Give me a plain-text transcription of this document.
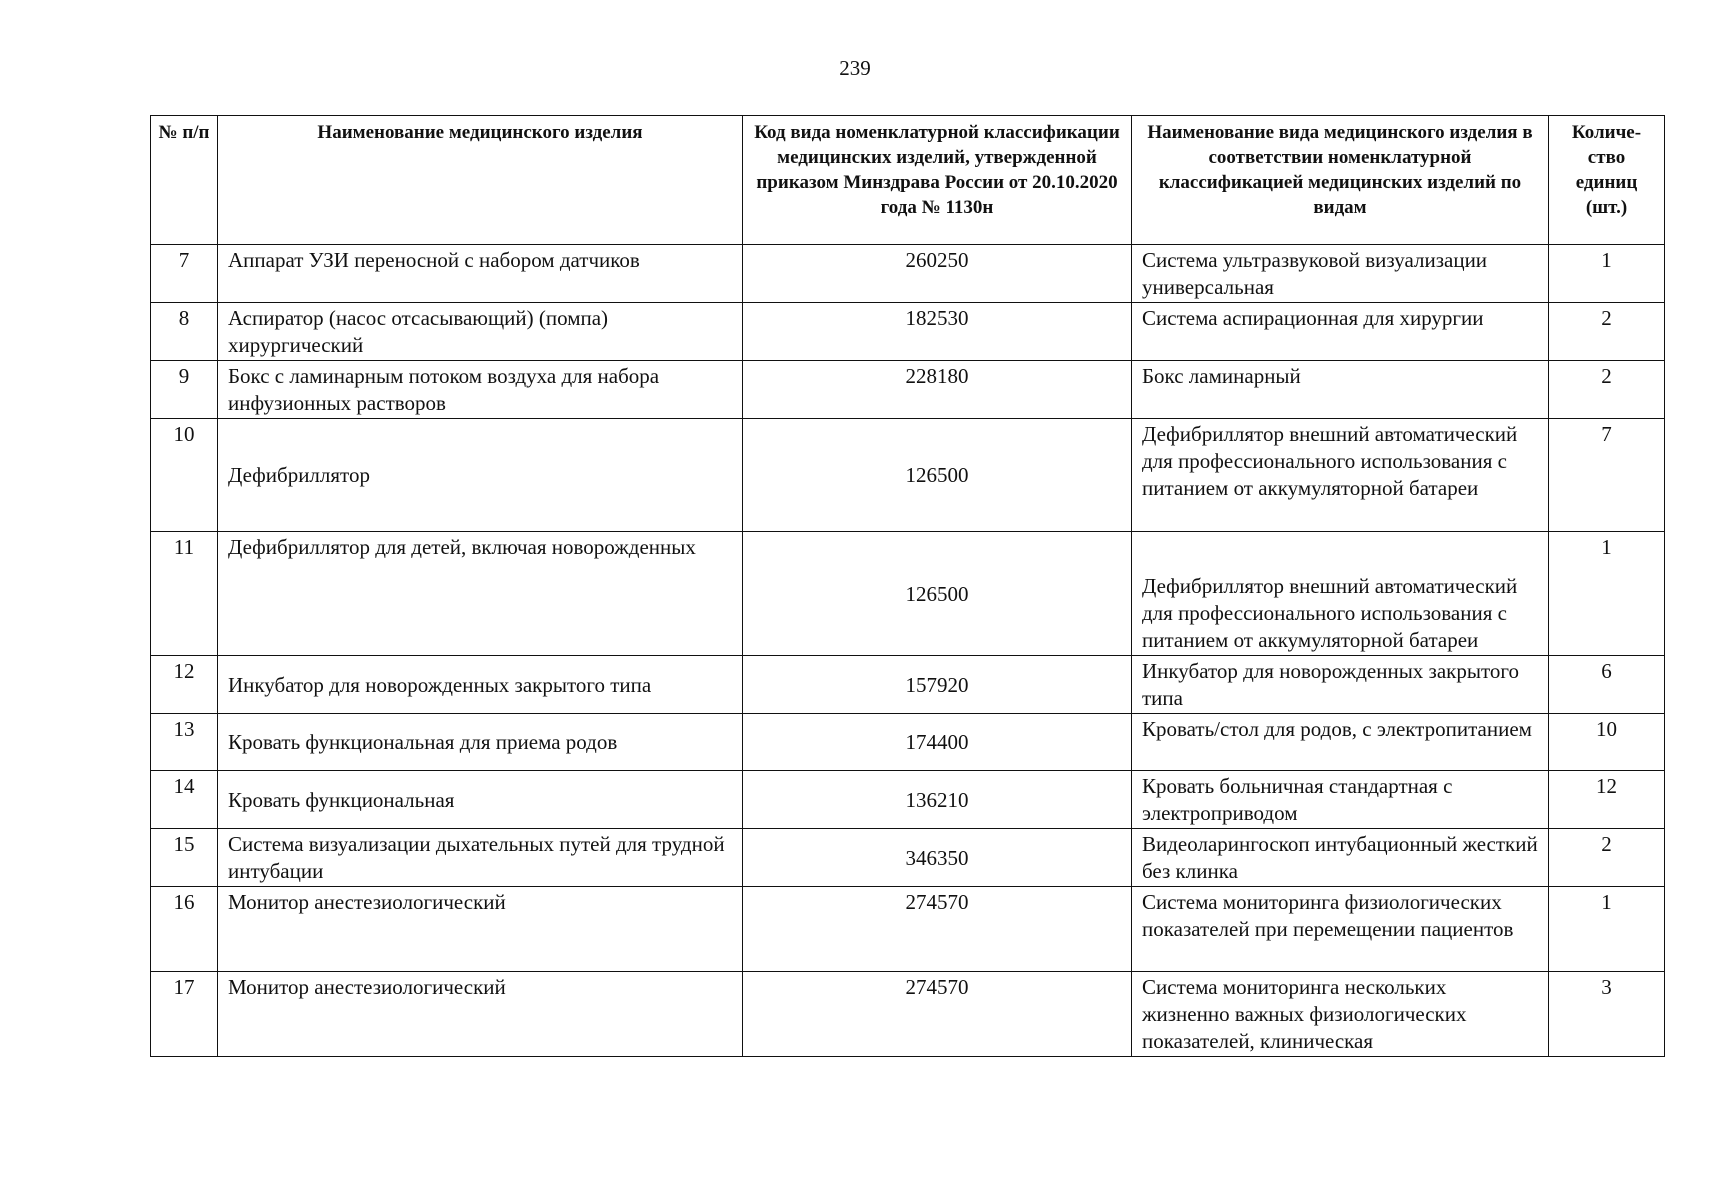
239
№ п/п	Наименование медицинского изделия	Код вида номенклатурной классификации медицинских изделий, утвержденной приказом Минздрава России от 20.10.2020 года № 1130н	Наименование вида медицинского изделия в соответствии номенклатурной классификацией медицинских изделий по видам	Количе-ство единиц (шт.)
7	Аппарат УЗИ переносной с набором датчиков	260250	Система ультразвуковой визуализации универсальная	1
8	Аспиратор (насос отсасывающий) (помпа) хирургический	182530	Система аспирационная для хирургии	2
9	Бокс с ламинарным потоком воздуха для набора инфузионных растворов	228180	Бокс ламинарный	2
10	Дефибриллятор	126500	Дефибриллятор внешний автоматический для профессионального использования с питанием от аккумуляторной батареи	7
11	Дефибриллятор для детей, включая новорожденных	126500	Дефибриллятор внешний автоматический для профессионального использования с питанием от аккумуляторной батареи	1
12	Инкубатор для новорожденных закрытого типа	157920	Инкубатор для новорожденных закрытого типа	6
13	Кровать функциональная для приема родов	174400	Кровать/стол для родов, с электропитанием	10
14	Кровать функциональная	136210	Кровать больничная стандартная с электроприводом	12
15	Система визуализации дыхательных путей для трудной интубации	346350	Видеоларингоскоп интубационный жесткий без клинка	2
16	Монитор анестезиологический	274570	Система мониторинга физиологических показателей при перемещении пациентов	1
17	Монитор анестезиологический	274570	Система мониторинга нескольких жизненно важных физиологических показателей, клиническая	3
